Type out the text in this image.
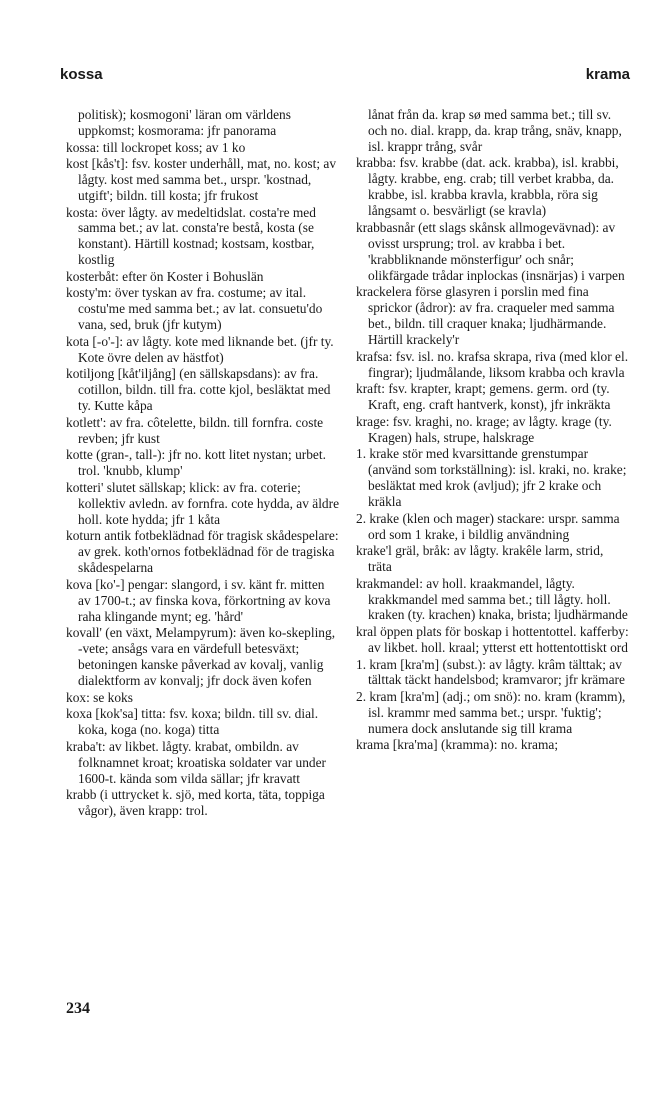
kossa	krama

politisk); kosmogoni' läran om världens uppkomst; kosmorama: jfr panorama

kossa: till lockropet koss; av 1 ko

kost [kås't]: fsv. koster underhåll, mat, no. kost; av lågty. kost med samma bet., urspr. 'kostnad, utgift'; bildn. till kosta; jfr frukost

kosta: över lågty. av medeltidslat. costa're med samma bet.; av lat. consta're bestå, kosta (se konstant). Härtill kostnad; kostsam, kostbar, kostlig

kosterbåt: efter ön Koster i Bohuslän

kosty'm: över tyskan av fra. costume; av ital. costu'me med samma bet.; av lat. consuetu'do vana, sed, bruk (jfr kutym)

kota [-o'-]: av lågty. kote med liknande bet. (jfr ty. Kote övre delen av hästfot)

kotiljong [kåt'iljång] (en sällskapsdans): av fra. cotillon, bildn. till fra. cotte kjol, besläktat med ty. Kutte kåpa

kotlett': av fra. côtelette, bildn. till fornfra. coste revben; jfr kust

kotte (gran-, tall-): jfr no. kott litet nystan; urbet. trol. 'knubb, klump'

kotteri' slutet sällskap; klick: av fra. coterie; kollektiv avledn. av fornfra. cote hydda, av äldre holl. kote hydda; jfr 1 kåta

koturn antik fotbeklädnad för tragisk skådespelare: av grek. koth'ornos fotbeklädnad för de tragiska skådespelarna

kova [ko'-] pengar: slangord, i sv. känt fr. mitten av 1700-t.; av finska kova, förkortning av kova raha klingande mynt; eg. 'hård'

kovall' (en växt, Melampyrum): även ko-skepling, -vete; ansågs vara en värdefull betesväxt; betoningen kanske påverkad av kovalj, vanlig dialektform av konvalj; jfr dock även kofen

kox: se koks

koxa [kok'sa] titta: fsv. koxa; bildn. till sv. dial. koka, koga (no. koga) titta

kraba't: av likbet. lågty. krabat, ombildn. av folknamnet kroat; kroatiska soldater var under 1600-t. kända som vilda sällar; jfr kravatt

krabb (i uttrycket k. sjö, med korta, täta, toppiga vågor), även krapp: trol.

lånat från da. krap sø med samma bet.; till sv. och no. dial. krapp, da. krap trång, snäv, knapp, isl. krappr trång, svår

krabba: fsv. krabbe (dat. ack. krabba), isl. krabbi, lågty. krabbe, eng. crab; till verbet krabba, da. krabbe, isl. krabba kravla, krabbla, röra sig långsamt o. besvärligt (se kravla)

krabbasnår (ett slags skånsk allmogevävnad): av ovisst ursprung; trol. av krabba i bet. 'krabbliknande mönsterfigur' och snår; olikfärgade trådar inplockas (insnärjas) i varpen

krackelera förse glasyren i porslin med fina sprickor (ådror): av fra. craqueler med samma bet., bildn. till craquer knaka; ljudhärmande. Härtill krackely'r

krafsa: fsv. isl. no. krafsa skrapa, riva (med klor el. fingrar); ljudmålande, liksom krabba och kravla

kraft: fsv. krapter, krapt; gemens. germ. ord (ty. Kraft, eng. craft hantverk, konst), jfr inkräkta

krage: fsv. kraghi, no. krage; av lågty. krage (ty. Kragen) hals, strupe, halskrage

1. krake stör med kvarsittande grenstumpar (använd som torkställning): isl. kraki, no. krake; besläktat med krok (avljud); jfr 2 krake och kräkla

2. krake (klen och mager) stackare: urspr. samma ord som 1 krake, i bildlig användning

krake'l gräl, bråk: av lågty. krakêle larm, strid, träta

krakmandel: av holl. kraakmandel, lågty. krakkmandel med samma bet.; till lågty. holl. kraken (ty. krachen) knaka, brista; ljudhärmande

kral öppen plats för boskap i hottentottel. kafferby: av likbet. holl. kraal; ytterst ett hottentottiskt ord

1. kram [kra'm] (subst.): av lågty. krâm tälttak; av tälttak täckt handelsbod; kramvaror; jfr krämare

2. kram [kra'm] (adj.; om snö): no. kram (kramm), isl. krammr med samma bet.; urspr. 'fuktig'; numera dock anslutande sig till krama

krama [kra'ma] (kramma): no. krama;

234
